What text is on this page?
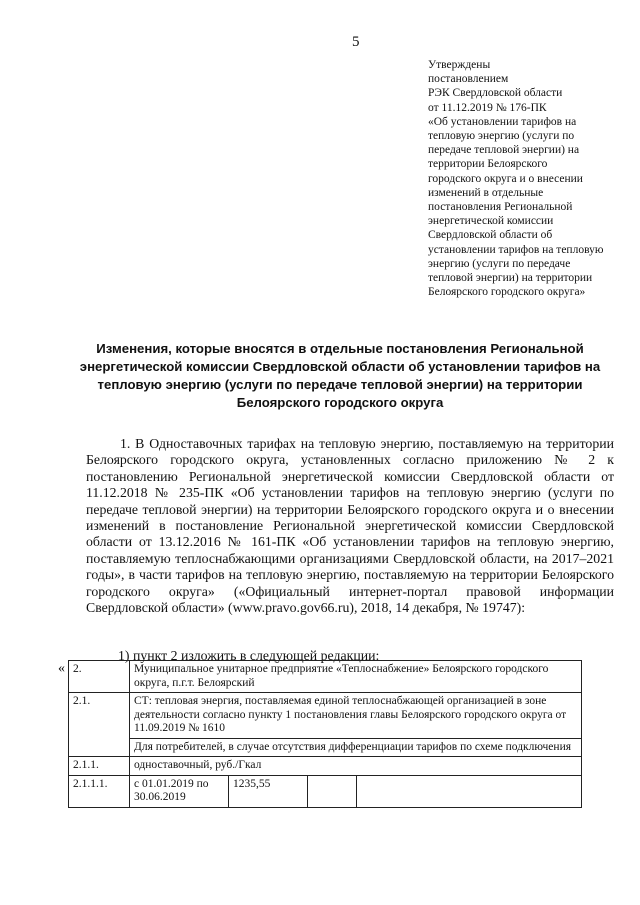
5
Утверждены
постановлением
РЭК Свердловской области
от 11.12.2019 № 176-ПК
«Об установлении тарифов на
тепловую энергию (услуги по
передаче тепловой энергии) на
территории Белоярского
городского округа и о внесении
изменений в отдельные
постановления Региональной
энергетической комиссии
Свердловской области об
установлении тарифов на тепловую
энергию (услуги по передаче
тепловой энергии) на территории
Белоярского городского округа»
Изменения, которые вносятся в отдельные постановления Региональной энергетической комиссии Свердловской области об установлении тарифов на тепловую энергию (услуги по передаче тепловой энергии) на территории Белоярского городского округа

1. В Одноставочных тарифах на тепловую энергию, поставляемую на территории Белоярского городского округа, установленных согласно приложению № 2 к постановлению Региональной энергетической комиссии Свердловской области от 11.12.2018 № 235-ПК «Об установлении тарифов на тепловую энергию (услуги по передаче тепловой энергии) на территории Белоярского городского округа и о внесении изменений в постановление Региональной энергетической комиссии Свердловской области от 13.12.2016 № 161-ПК «Об установлении тарифов на тепловую энергию, поставляемую теплоснабжающими организациями Свердловской области, на 2017–2021 годы», в части тарифов на тепловую энергию, поставляемую на территории Белоярского городского округа» («Официальный интернет-портал правовой информации Свердловской области» (www.pravo.gov66.ru), 2018, 14 декабря, № 19747):

1) пункт 2 изложить в следующей редакции:
« 2.	Муниципальное унитарное предприятие «Теплоснабжение» Белоярского городского округа, п.г.т. Белоярский			
2.1.	СТ: тепловая энергия, поставляемая единой теплоснабжающей организацией в зоне деятельности согласно пункту 1 постановления главы Белоярского городского округа от 11.09.2019 № 1610			
	Для потребителей, в случае отсутствия дифференциации тарифов по схеме подключения			
2.1.1.	одноставочный, руб./Гкал			
2.1.1.1.	с 01.01.2019 по 30.06.2019	1235,55		
